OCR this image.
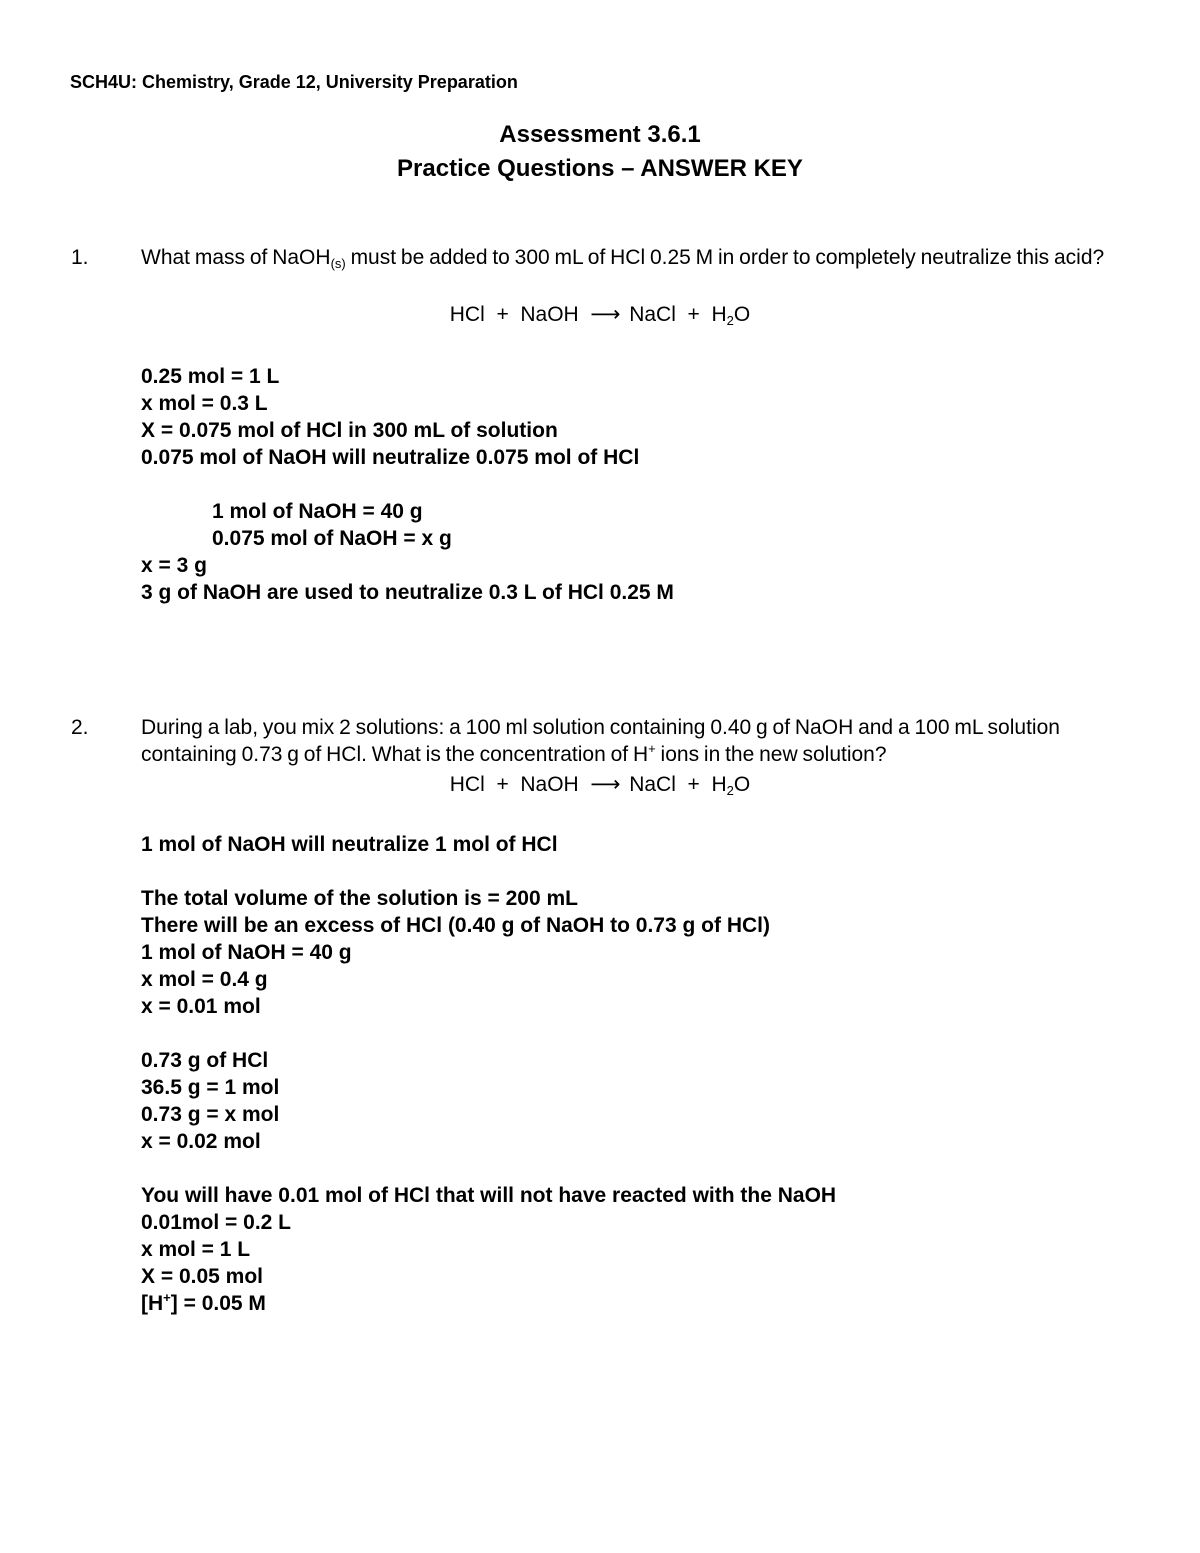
SCH4U: Chemistry, Grade 12, University Preparation
Assessment 3.6.1
Practice Questions – ANSWER KEY
1. What mass of NaOH$_{(s)}$ must be added to 300 mL of HCl 0.25 M in order to completely neutralize this acid?
HCl + NaOH ⟶ NaCl + $H_2O$
0.25 mol = 1 L
x mol = 0.3 L
X = 0.075 mol of HCl in 300 mL of solution
0.075 mol of NaOH will neutralize 0.075 mol of HCl
1 mol of NaOH = 40 g
0.075 mol of NaOH = x g
x = 3 g
3 g of NaOH are used to neutralize 0.3 L of HCl 0.25 M
2. During a lab, you mix 2 solutions: a 100 ml solution containing 0.40 g of NaOH and a 100 mL solution containing 0.73 g of HCl. What is the concentration of H+ ions in the new solution?
HCl + NaOH ⟶ NaCl + $H_2O$
1 mol of NaOH will neutralize 1 mol of HCl
The total volume of the solution is = 200 mL
There will be an excess of HCl (0.40 g of NaOH to 0.73 g of HCl)
1 mol of NaOH = 40 g
x mol = 0.4 g
x = 0.01 mol
0.73 g of HCl
36.5 g = 1 mol
0.73 g = x mol
x = 0.02 mol
You will have 0.01 mol of HCl that will not have reacted with the NaOH
0.01mol = 0.2 L
x mol = 1 L
X = 0.05 mol
[H+] = 0.05 M
